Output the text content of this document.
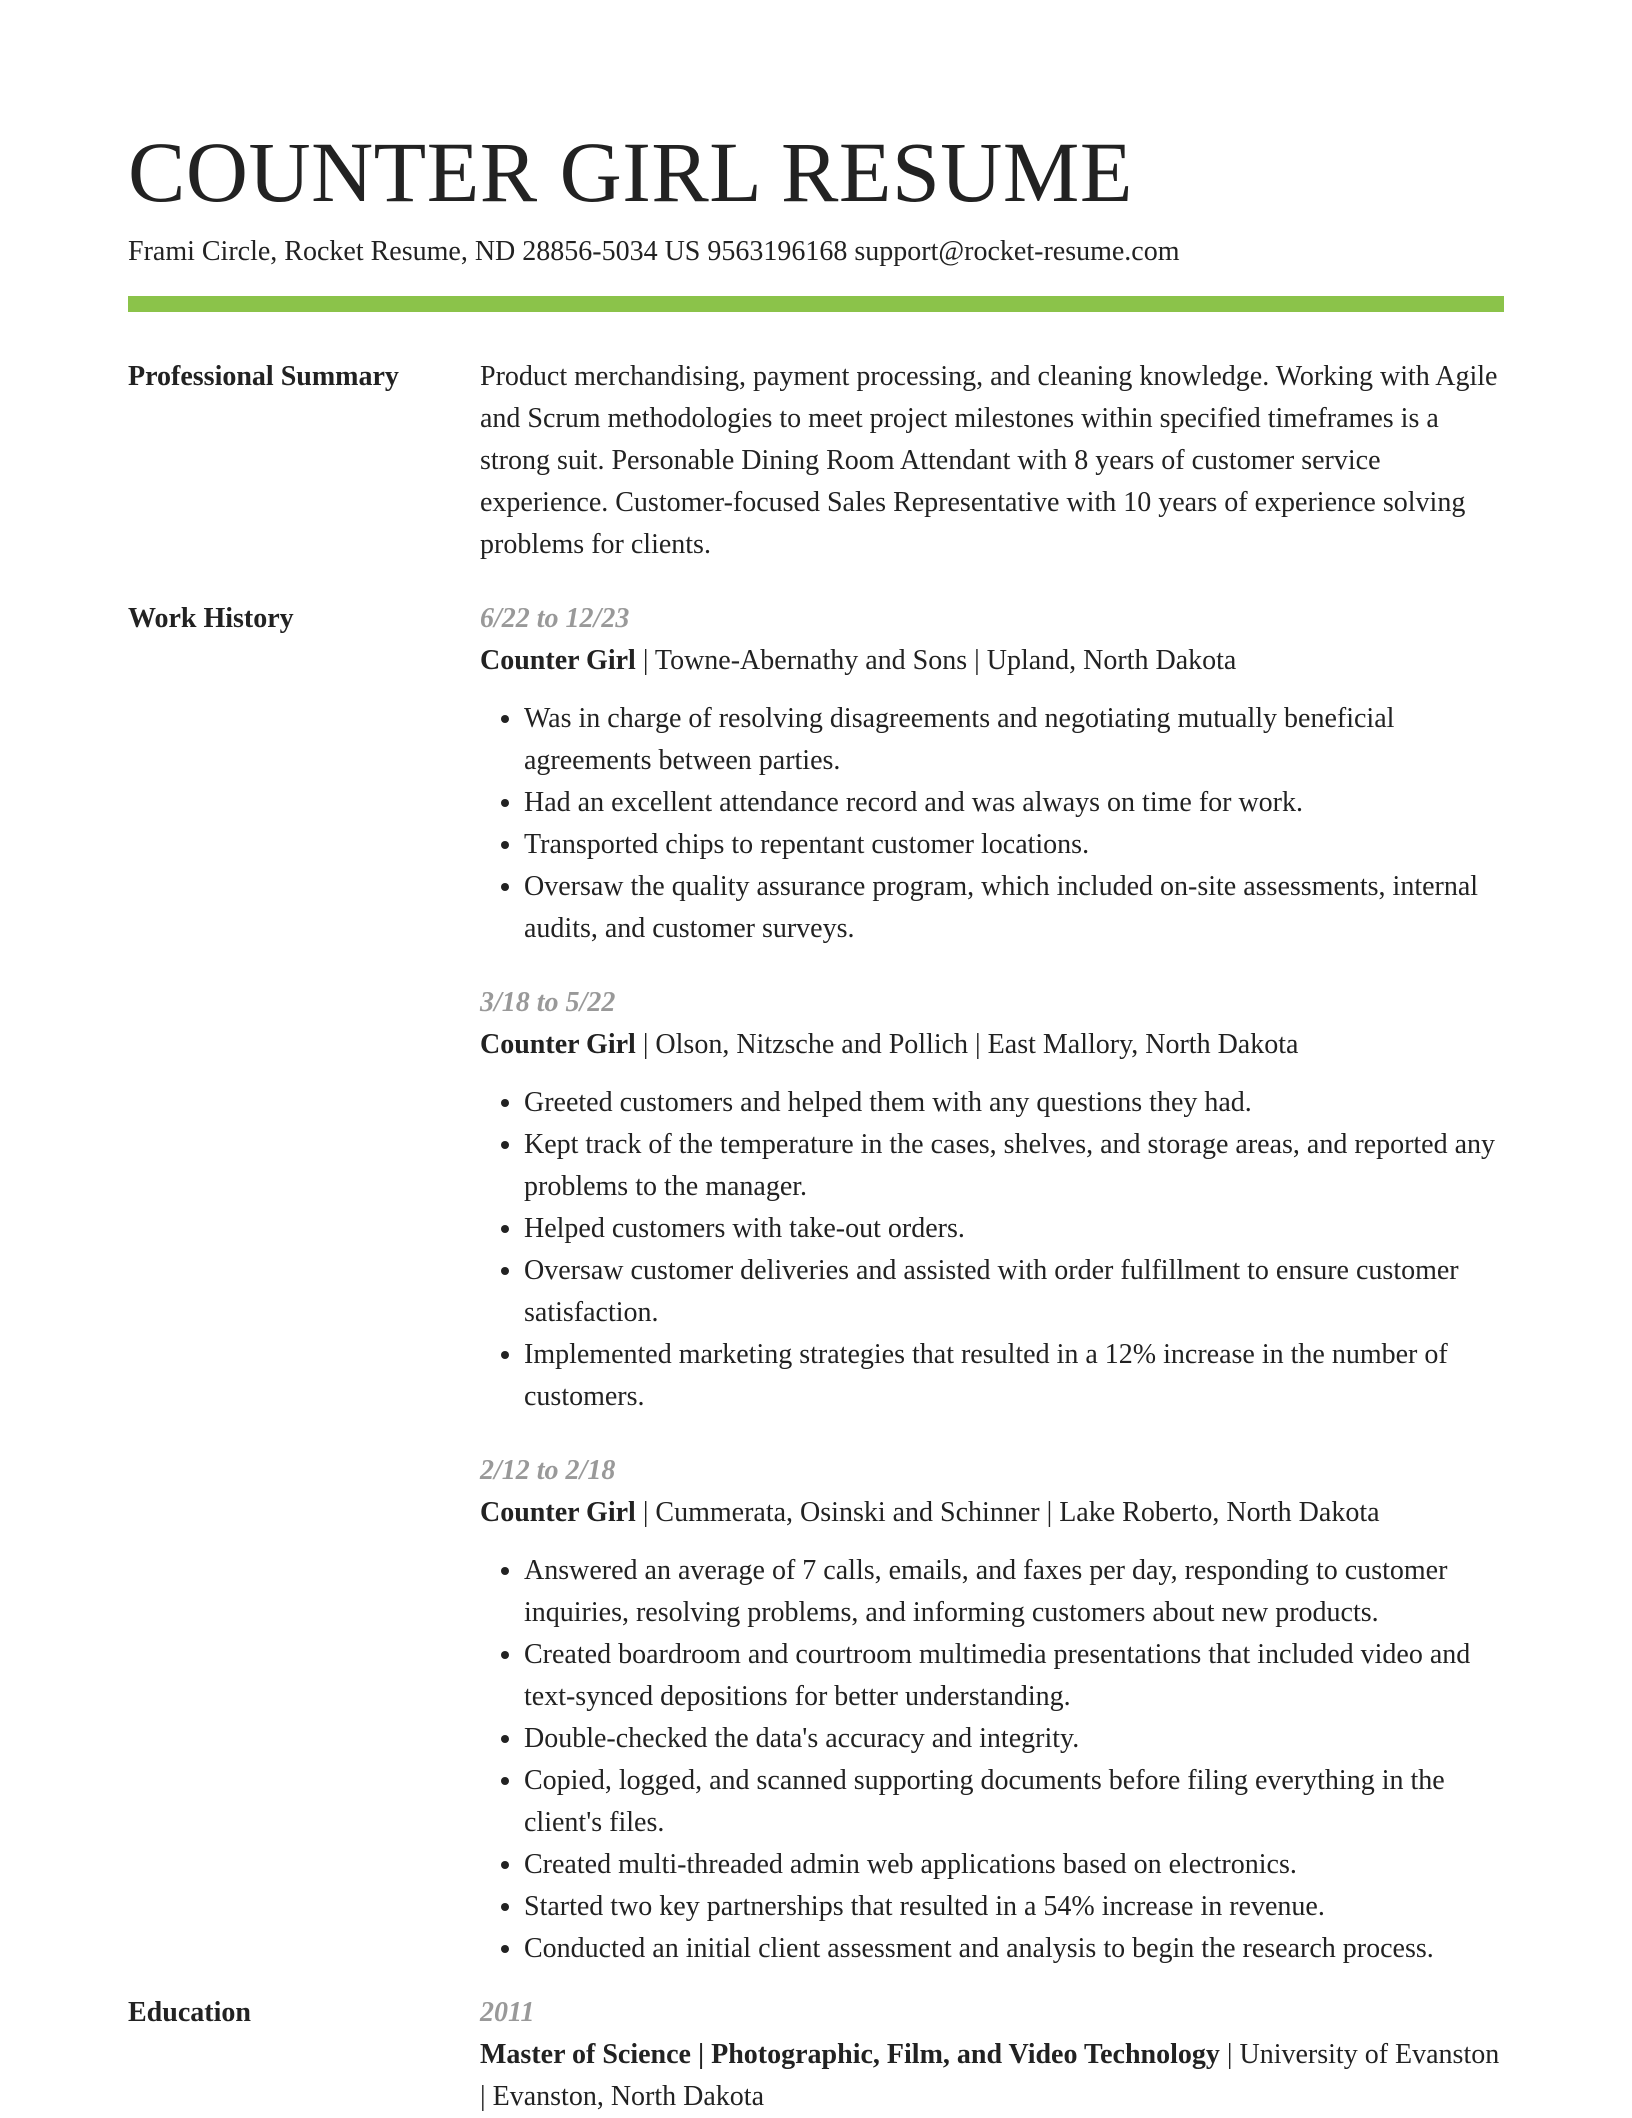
COUNTER GIRL RESUME
Frami Circle, Rocket Resume, ND 28856-5034 US 9563196168 support@rocket-resume.com
Professional Summary	Product merchandising, payment processing, and cleaning knowledge. Working with Agile and Scrum methodologies to meet project milestones within specified timeframes is a strong suit. Personable Dining Room Attendant with 8 years of customer service experience. Customer-focused Sales Representative with 10 years of experience solving problems for clients.
Work History	6/22 to 12/23
Counter Girl | Towne-Abernathy and Sons | Upland, North Dakota
• Was in charge of resolving disagreements and negotiating mutually beneficial agreements between parties.
• Had an excellent attendance record and was always on time for work.
• Transported chips to repentant customer locations.
• Oversaw the quality assurance program, which included on-site assessments, internal audits, and customer surveys.
3/18 to 5/22
Counter Girl | Olson, Nitzsche and Pollich | East Mallory, North Dakota
• Greeted customers and helped them with any questions they had.
• Kept track of the temperature in the cases, shelves, and storage areas, and reported any problems to the manager.
• Helped customers with take-out orders.
• Oversaw customer deliveries and assisted with order fulfillment to ensure customer satisfaction.
• Implemented marketing strategies that resulted in a 12% increase in the number of customers.
2/12 to 2/18
Counter Girl | Cummerata, Osinski and Schinner | Lake Roberto, North Dakota
• Answered an average of 7 calls, emails, and faxes per day, responding to customer inquiries, resolving problems, and informing customers about new products.
• Created boardroom and courtroom multimedia presentations that included video and text-synced depositions for better understanding.
• Double-checked the data's accuracy and integrity.
• Copied, logged, and scanned supporting documents before filing everything in the client's files.
• Created multi-threaded admin web applications based on electronics.
• Started two key partnerships that resulted in a 54% increase in revenue.
• Conducted an initial client assessment and analysis to begin the research process.
Education	2011
Master of Science | Photographic, Film, and Video Technology | University of Evanston | Evanston, North Dakota
